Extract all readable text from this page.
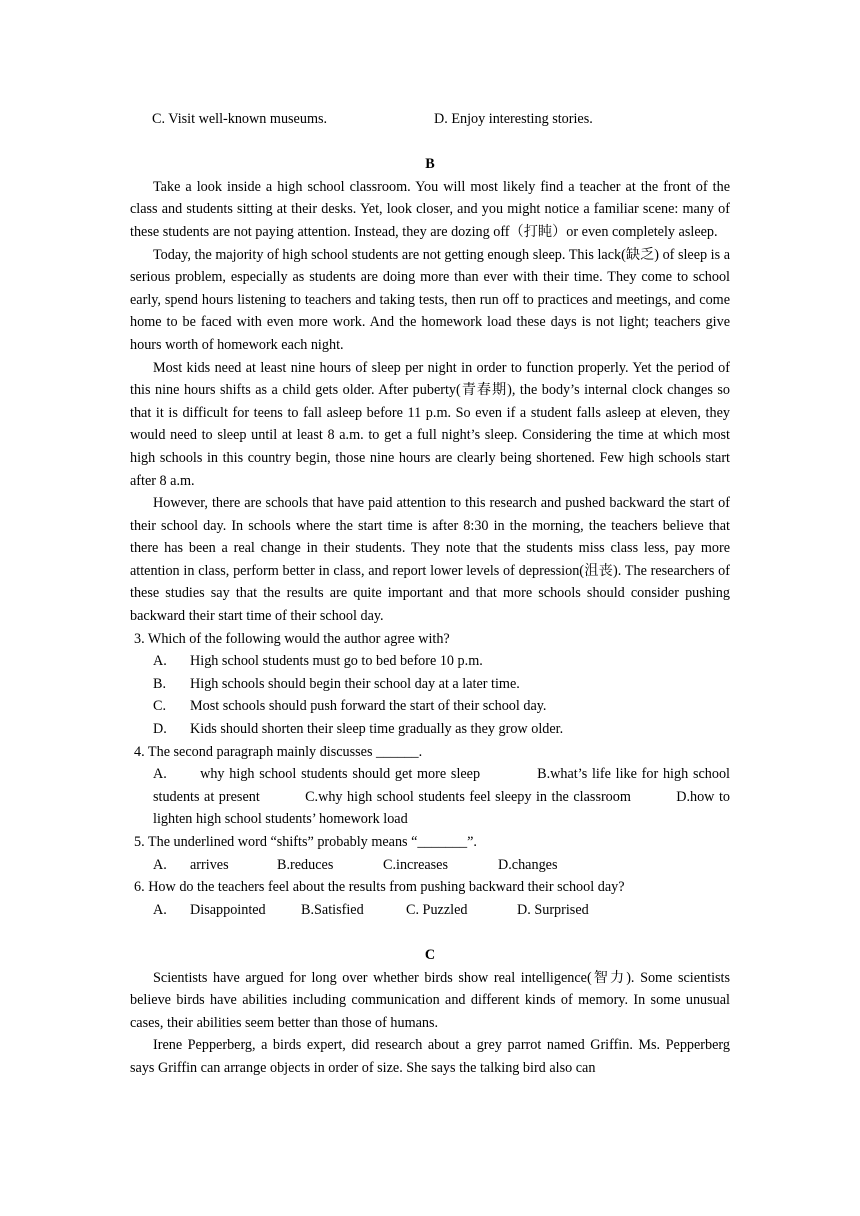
C. Visit well-known museums.	D. Enjoy interesting stories.
B
Take a look inside a high school classroom. You will most likely find a teacher at the front of the class and students sitting at their desks. Yet, look closer, and you might notice a familiar scene: many of these students are not paying attention. Instead, they are dozing off（打盹）or even completely asleep.
Today, the majority of high school students are not getting enough sleep. This lack(缺乏) of sleep is a serious problem, especially as students are doing more than ever with their time. They come to school early, spend hours listening to teachers and taking tests, then run off to practices and meetings, and come home to be faced with even more work. And the homework load these days is not light; teachers give hours worth of homework each night.
Most kids need at least nine hours of sleep per night in order to function properly. Yet the period of this nine hours shifts as a child gets older. After puberty(青春期), the body’s internal clock changes so that it is difficult for teens to fall asleep before 11 p.m. So even if a student falls asleep at eleven, they would need to sleep until at least 8 a.m. to get a full night’s sleep. Considering the time at which most high schools in this country begin, those nine hours are clearly being shortened. Few high schools start after 8 a.m.
However, there are schools that have paid attention to this research and pushed backward the start of their school day. In schools where the start time is after 8:30 in the morning, the teachers believe that there has been a real change in their students. They note that the students miss class less, pay more attention in class, perform better in class, and report lower levels of depression(沮丧). The researchers of these studies say that the results are quite important and that more schools should consider pushing backward their start time of their school day.
3. Which of the following would the author agree with?
A.	High school students must go to bed before 10 p.m.
B.	High schools should begin their school day at a later time.
C.	Most schools should push forward the start of their school day.
D.	Kids should shorten their sleep time gradually as they grow older.
4. The second paragraph mainly discusses ______.
A.       why high school students should get more sleep            B.what’s life like for high school students at present          C.why high school students feel sleepy in the classroom          D.how to lighten high school students’ homework load
5. The underlined word “shifts” probably means “_______”.
A.	arrives	B.reduces	C.increases	D.changes
6. How do the teachers feel about the results from pushing backward their school day?
A.	Disappointed	B.Satisfied	C. Puzzled	D. Surprised
C
Scientists have argued for long over whether birds show real intelligence(智力). Some scientists believe birds have abilities including communication and different kinds of memory. In some unusual cases, their abilities seem better than those of humans.
Irene Pepperberg, a birds expert, did research about a grey parrot named Griffin. Ms. Pepperberg says Griffin can arrange objects in order of size. She says the talking bird also can
